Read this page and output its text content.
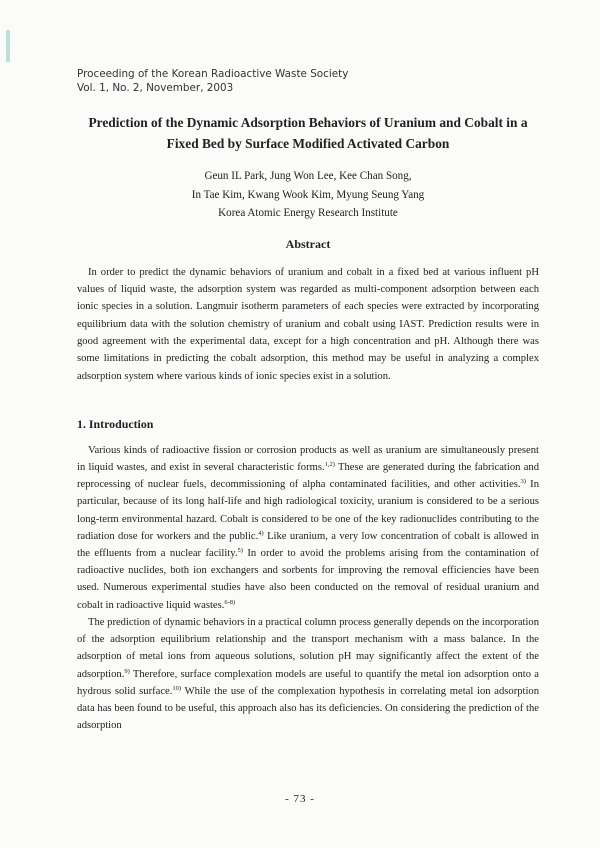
Proceeding of the Korean Radioactive Waste Society
Vol. 1, No. 2, November, 2003
Prediction of the Dynamic Adsorption Behaviors of Uranium and Cobalt in a Fixed Bed by Surface Modified Activated Carbon
Geun IL Park, Jung Won Lee, Kee Chan Song,
In Tae Kim, Kwang Wook Kim, Myung Seung Yang
Korea Atomic Energy Research Institute
Abstract

In order to predict the dynamic behaviors of uranium and cobalt in a fixed bed at various influent pH values of liquid waste, the adsorption system was regarded as multi-component adsorption between each ionic species in a solution. Langmuir isotherm parameters of each species were extracted by incorporating equilibrium data with the solution chemistry of uranium and cobalt using IAST. Prediction results were in good agreement with the experimental data, except for a high concentration and pH. Although there was some limitations in predicting the cobalt adsorption, this method may be useful in analyzing a complex adsorption system where various kinds of ionic species exist in a solution.

1. Introduction

Various kinds of radioactive fission or corrosion products as well as uranium are simultaneously present in liquid wastes, and exist in several characteristic forms.$^{1,2)}$ These are generated during the fabrication and reprocessing of nuclear fuels, decommissioning of alpha contaminated facilities, and other activities.$^{3)}$ In particular, because of its long half-life and high radiological toxicity, uranium is considered to be a serious long-term environmental hazard. Cobalt is considered to be one of the key radionuclides contributing to the radiation dose for workers and the public.$^{4)}$ Like uranium, a very low concentration of cobalt is allowed in the effluents from a nuclear facility.$^{5)}$ In order to avoid the problems arising from the contamination of radioactive nuclides, both ion exchangers and sorbents for improving the removal efficiencies have been used. Numerous experimental studies have also been conducted on the removal of residual uranium and cobalt in radioactive liquid wastes.$^{6-8)}$

The prediction of dynamic behaviors in a practical column process generally depends on the incorporation of the adsorption equilibrium relationship and the transport mechanism with a mass balance. In the adsorption of metal ions from aqueous solutions, solution pH may significantly affect the extent of the adsorption.$^{9)}$ Therefore, surface complexation models are useful to quantify the metal ion adsorption onto a hydrous solid surface.$^{10)}$ While the use of the complexation hypothesis in correlating metal ion adsorption data has been found to be useful, this approach also has its deficiencies. On considering the prediction of the adsorption

- 73 -
